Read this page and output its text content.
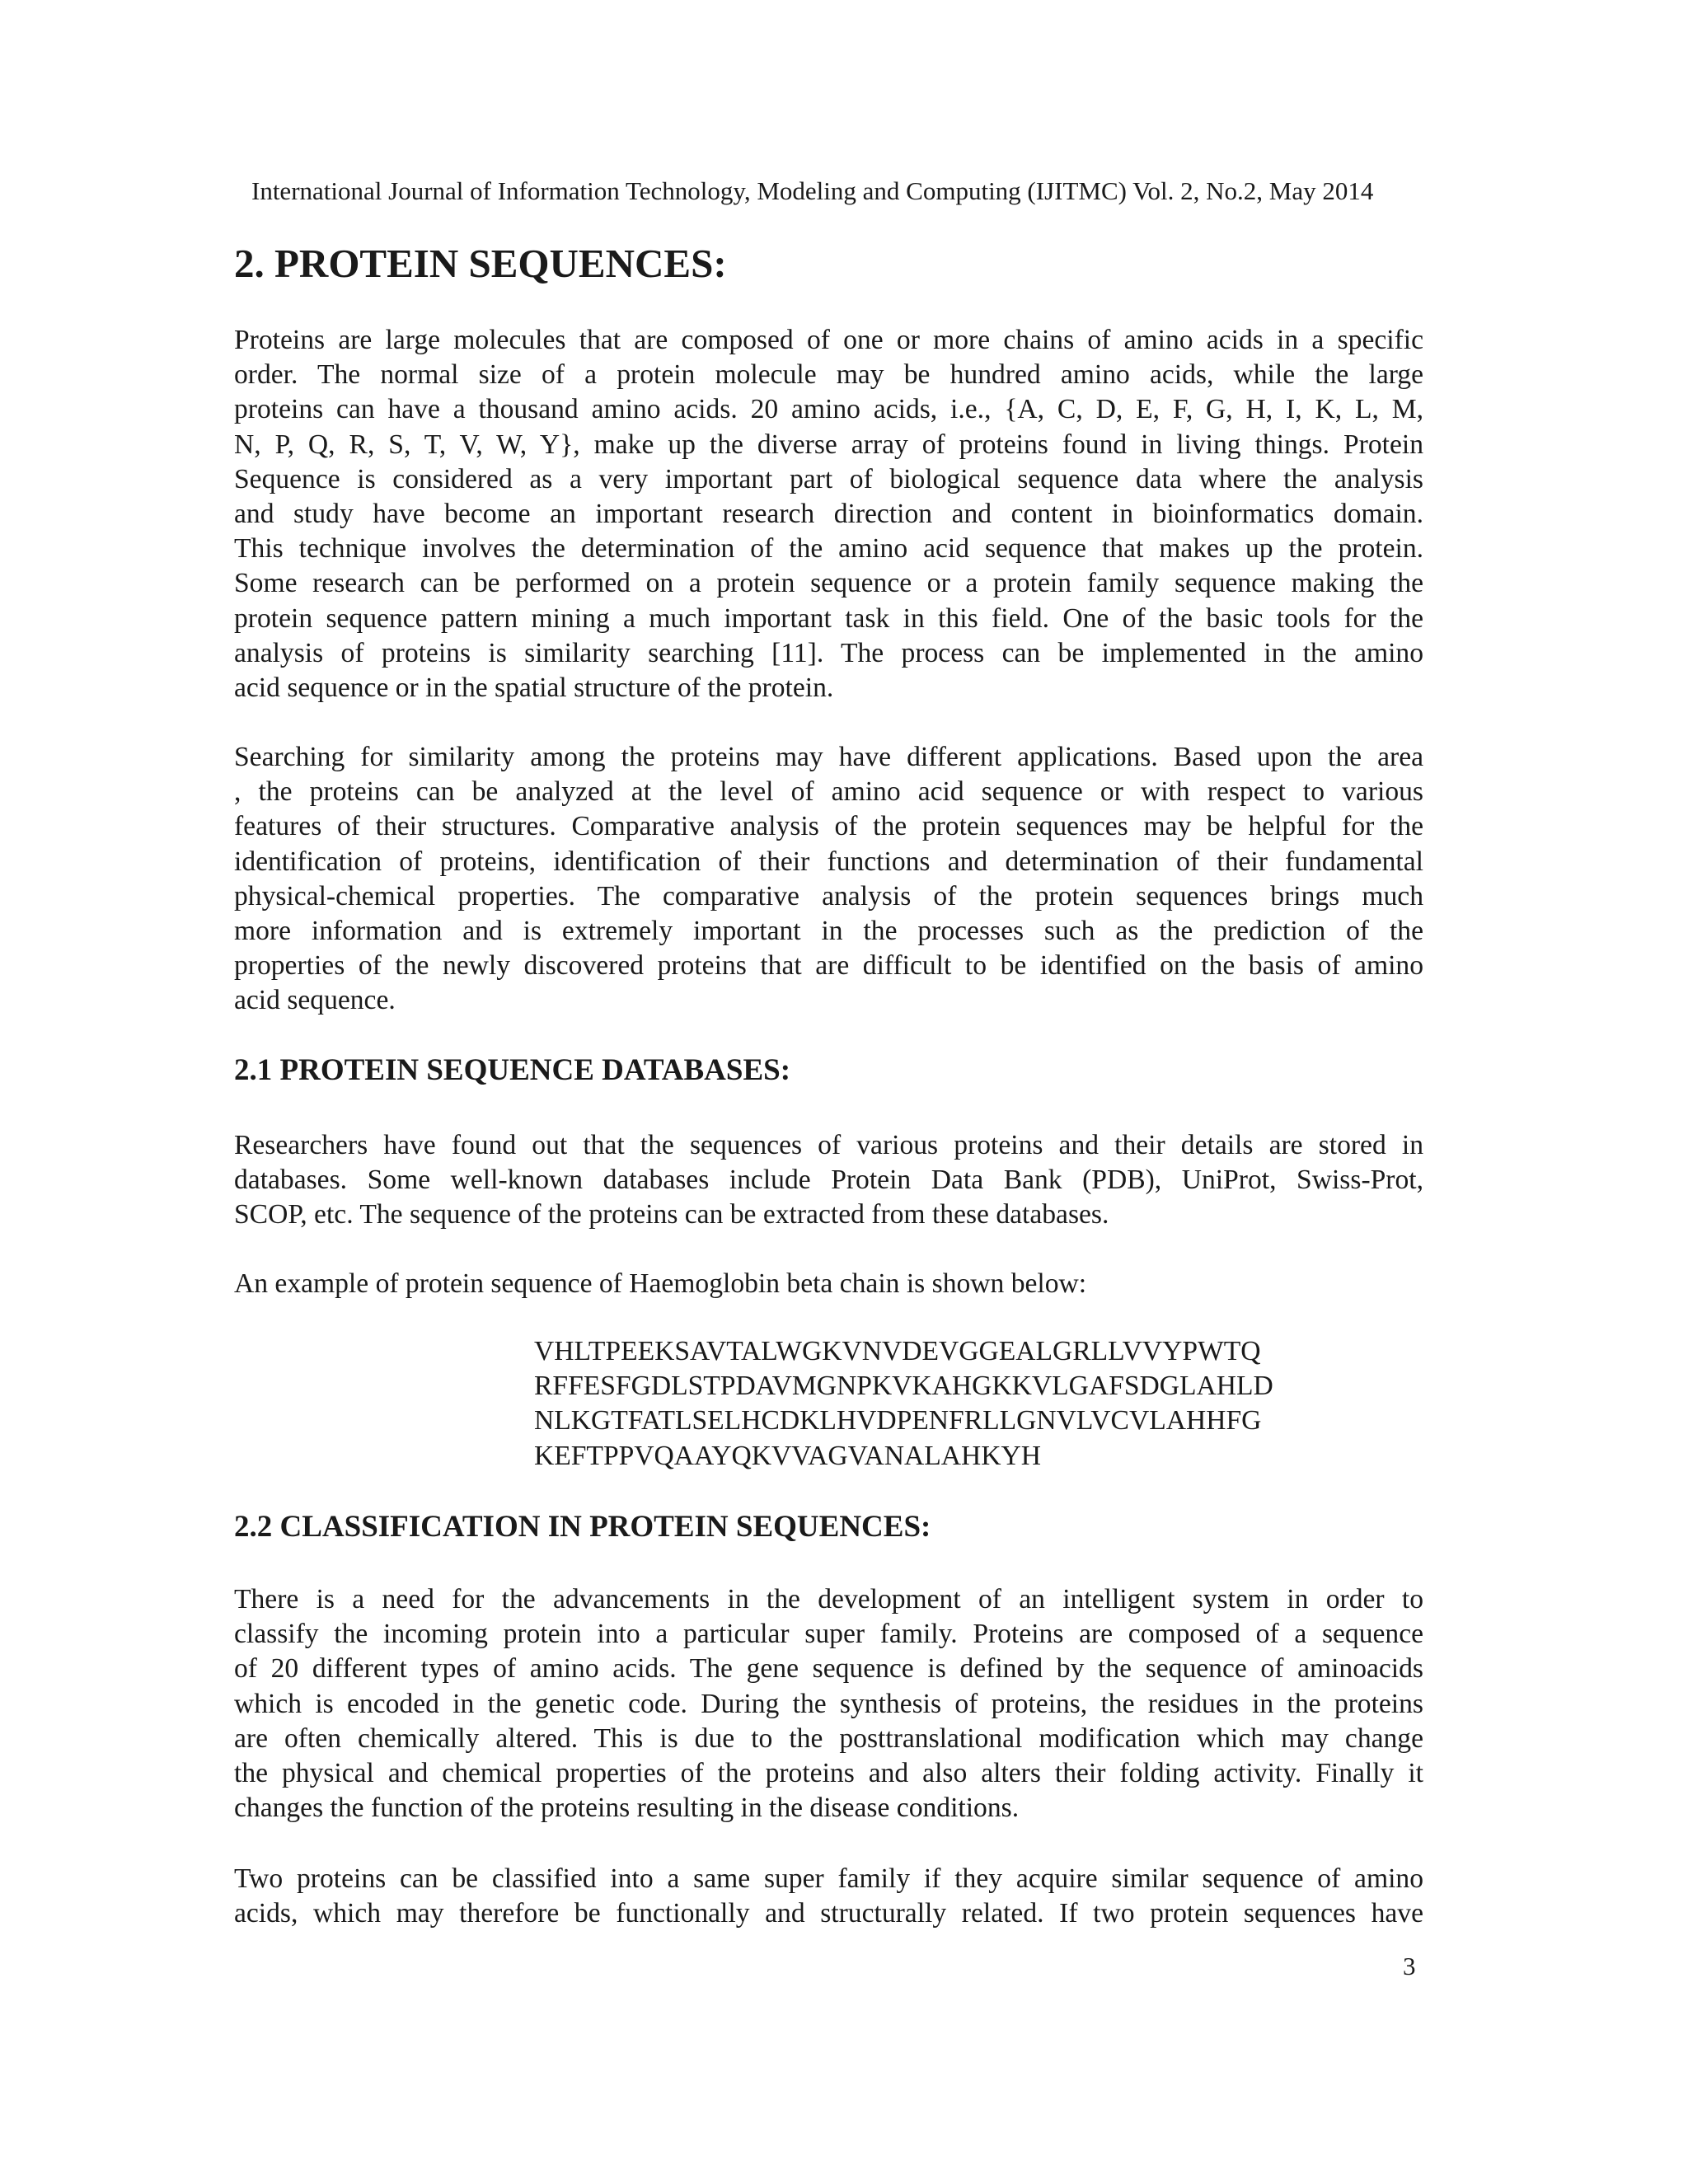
International Journal of Information Technology, Modeling and Computing (IJITMC) Vol. 2, No.2, May 2014
2. PROTEIN SEQUENCES:
Proteins are large molecules that are composed of one or more chains of amino acids in a specific
order. The normal size of a protein molecule may be hundred amino acids, while the large
proteins can have a thousand amino acids. 20 amino acids, i.e., {A, C, D, E, F, G, H, I, K, L, M,
N, P, Q, R, S, T, V, W, Y}, make up the diverse array of proteins found in living things. Protein
Sequence is considered as a very important part of biological sequence data where the analysis
and study have become an important research direction and content in bioinformatics domain.
This technique involves the determination of the amino acid sequence that makes up the protein.
Some research can be performed on a protein sequence or a protein family sequence making the
protein sequence pattern mining a much important task in this field. One of the basic tools for the
analysis of proteins is similarity searching [11]. The process can be implemented in the amino
acid sequence or in the spatial structure of the protein.
Searching for similarity among the proteins may have different applications. Based upon the area
, the proteins can be analyzed at the level of amino acid sequence or with respect to various
features of their structures. Comparative analysis of the protein sequences may be helpful for the
identification of proteins, identification of their functions and determination of their fundamental
physical-chemical properties. The comparative analysis of the protein sequences brings much
more information and is extremely important in the processes such as the prediction of the
properties of the newly discovered proteins that are difficult to be identified on the basis of amino
acid sequence.
2.1 PROTEIN SEQUENCE DATABASES:
Researchers have found out that the sequences of various proteins and their details are stored in
databases. Some well-known databases include Protein Data Bank (PDB), UniProt, Swiss-Prot,
SCOP, etc. The sequence of the proteins can be extracted from these databases.
An example of protein sequence of Haemoglobin beta chain is shown below:
VHLTPEEKSAVTALWGKVNVDEVGGEALGRLLVVYPWTQ
RFFESFGDLSTPDAVMGNPKVKAHGKKVLGAFSDGLAHLD
NLKGTFATLSELHCDKLHVDPENFRLLGNVLVCVLAHHFG
KEFTPPVQAAYQKVVAGVANALAHKYH
2.2 CLASSIFICATION IN PROTEIN SEQUENCES:
There is a need for the advancements in the development of an intelligent system in order to
classify the incoming protein into a particular super family. Proteins are composed of a sequence
of 20 different types of amino acids. The gene sequence is defined by the sequence of aminoacids
which is encoded in the genetic code. During the synthesis of proteins, the residues in the proteins
are often chemically altered. This is due to the posttranslational modification which may change
the physical and chemical properties of the proteins and also alters their folding activity. Finally it
changes the function of the proteins resulting in the disease conditions.
Two proteins can be classified into a same super family if they acquire similar sequence of amino
acids, which may therefore be functionally and structurally related. If two protein sequences have
3
